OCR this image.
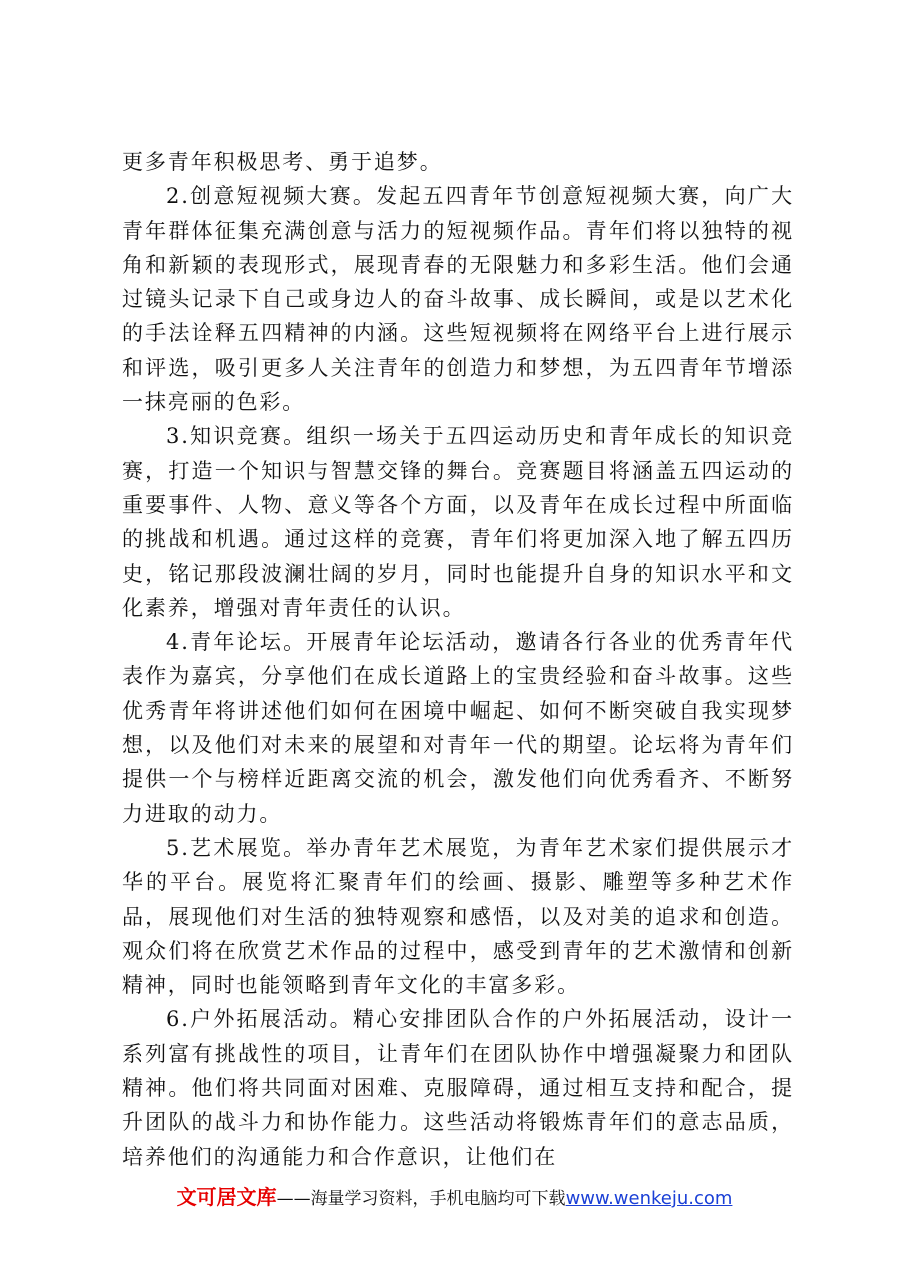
更多青年积极思考、勇于追梦。

2.创意短视频大赛。发起五四青年节创意短视频大赛，向广大青年群体征集充满创意与活力的短视频作品。青年们将以独特的视角和新颖的表现形式，展现青春的无限魅力和多彩生活。他们会通过镜头记录下自己或身边人的奋斗故事、成长瞬间，或是以艺术化的手法诠释五四精神的内涵。这些短视频将在网络平台上进行展示和评选，吸引更多人关注青年的创造力和梦想，为五四青年节增添一抹亮丽的色彩。

3.知识竞赛。组织一场关于五四运动历史和青年成长的知识竞赛，打造一个知识与智慧交锋的舞台。竞赛题目将涵盖五四运动的重要事件、人物、意义等各个方面，以及青年在成长过程中所面临的挑战和机遇。通过这样的竞赛，青年们将更加深入地了解五四历史，铭记那段波澜壮阔的岁月，同时也能提升自身的知识水平和文化素养，增强对青年责任的认识。

4.青年论坛。开展青年论坛活动，邀请各行各业的优秀青年代表作为嘉宾，分享他们在成长道路上的宝贵经验和奋斗故事。这些优秀青年将讲述他们如何在困境中崛起、如何不断突破自我实现梦想，以及他们对未来的展望和对青年一代的期望。论坛将为青年们提供一个与榜样近距离交流的机会，激发他们向优秀看齐、不断努力进取的动力。

5.艺术展览。举办青年艺术展览，为青年艺术家们提供展示才华的平台。展览将汇聚青年们的绘画、摄影、雕塑等多种艺术作品，展现他们对生活的独特观察和感悟，以及对美的追求和创造。观众们将在欣赏艺术作品的过程中，感受到青年的艺术激情和创新精神，同时也能领略到青年文化的丰富多彩。

6.户外拓展活动。精心安排团队合作的户外拓展活动，设计一系列富有挑战性的项目，让青年们在团队协作中增强凝聚力和团队精神。他们将共同面对困难、克服障碍，通过相互支持和配合，提升团队的战斗力和协作能力。这些活动将锻炼青年们的意志品质，培养他们的沟通能力和合作意识，让他们在

文可居文库——海量学习资料，手机电脑均可下载www.wenkeju.com
